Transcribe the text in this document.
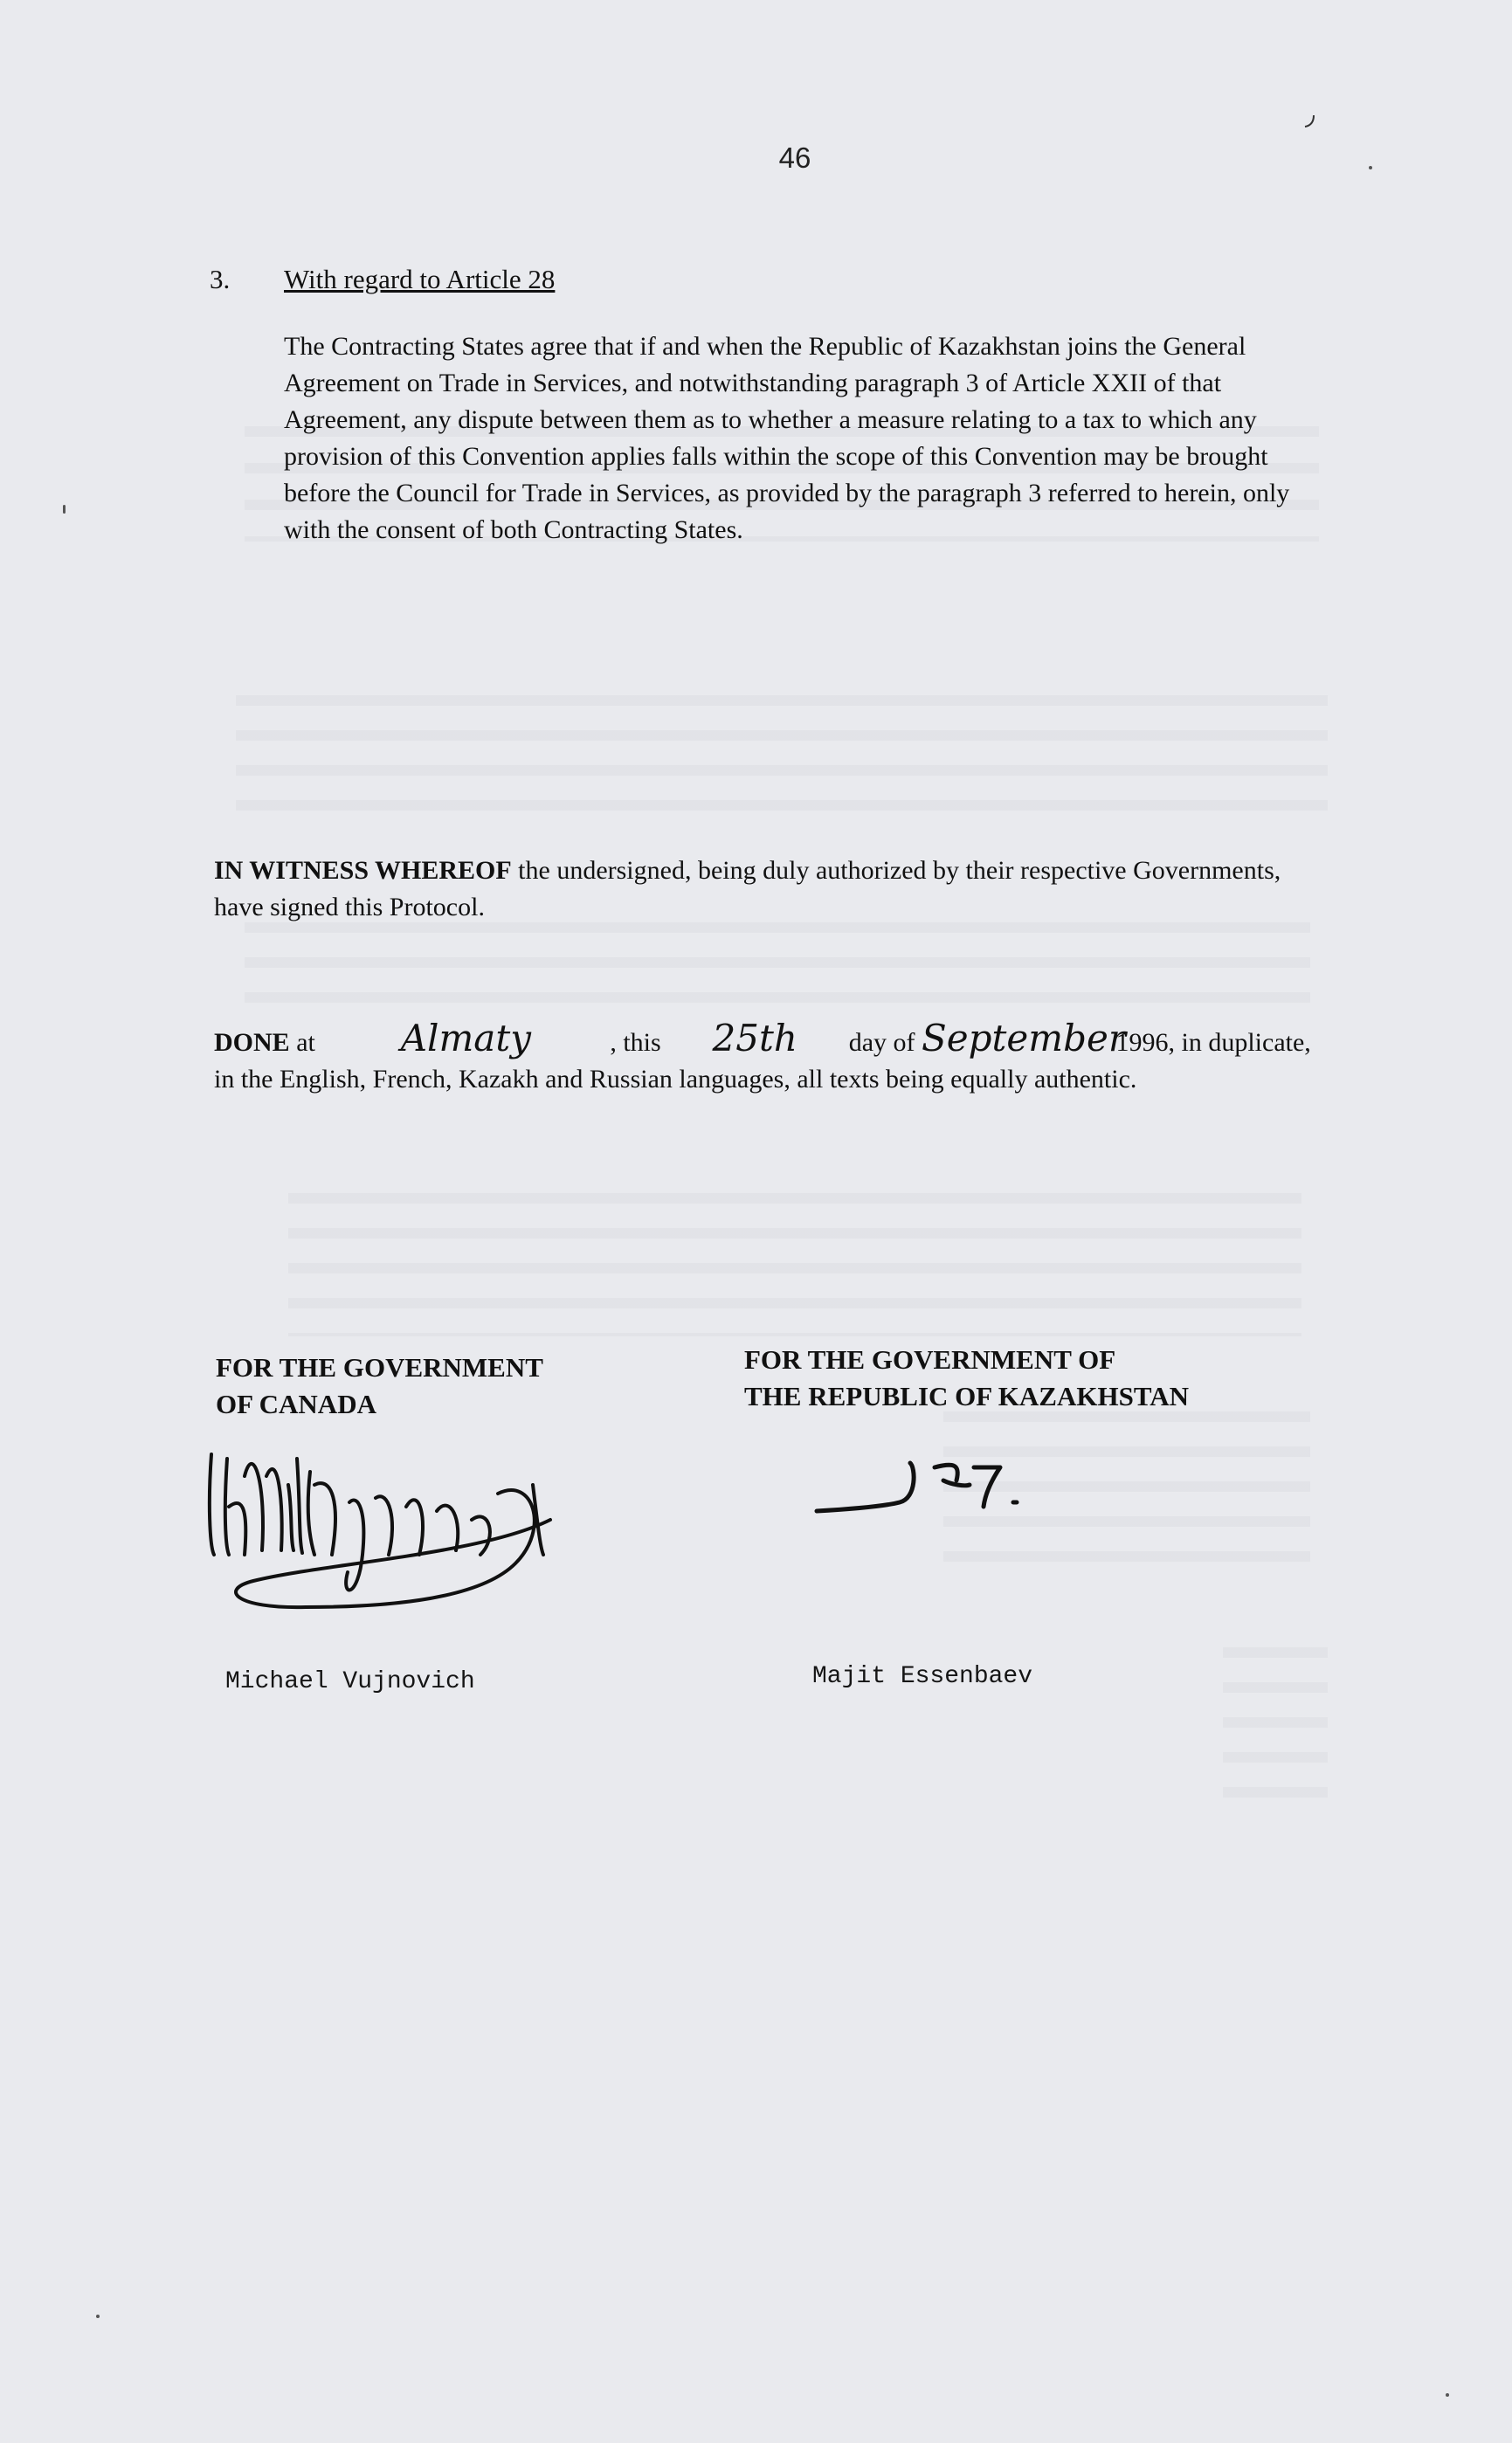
46
3. With regard to Article 28
The Contracting States agree that if and when the Republic of Kazakhstan joins the General Agreement on Trade in Services, and notwithstanding paragraph 3 of Article XXII of that Agreement, any dispute between them as to whether a measure relating to a tax to which any provision of this Convention applies falls within the scope of this Convention may be brought before the Council for Trade in Services, as provided by the paragraph 3 referred to herein, only with the consent of both Contracting States.
IN WITNESS WHEREOF the undersigned, being duly authorized by their respective Governments, have signed this Protocol.
DONE at Almaty	, this 25th day of September 1996, in duplicate, in the English, French, Kazakh and Russian languages, all texts being equally authentic.
FOR THE GOVERNMENT
OF CANADA
FOR THE GOVERNMENT OF
THE REPUBLIC OF KAZAKHSTAN
Michael Vujnovich	Majit Essenbaev
